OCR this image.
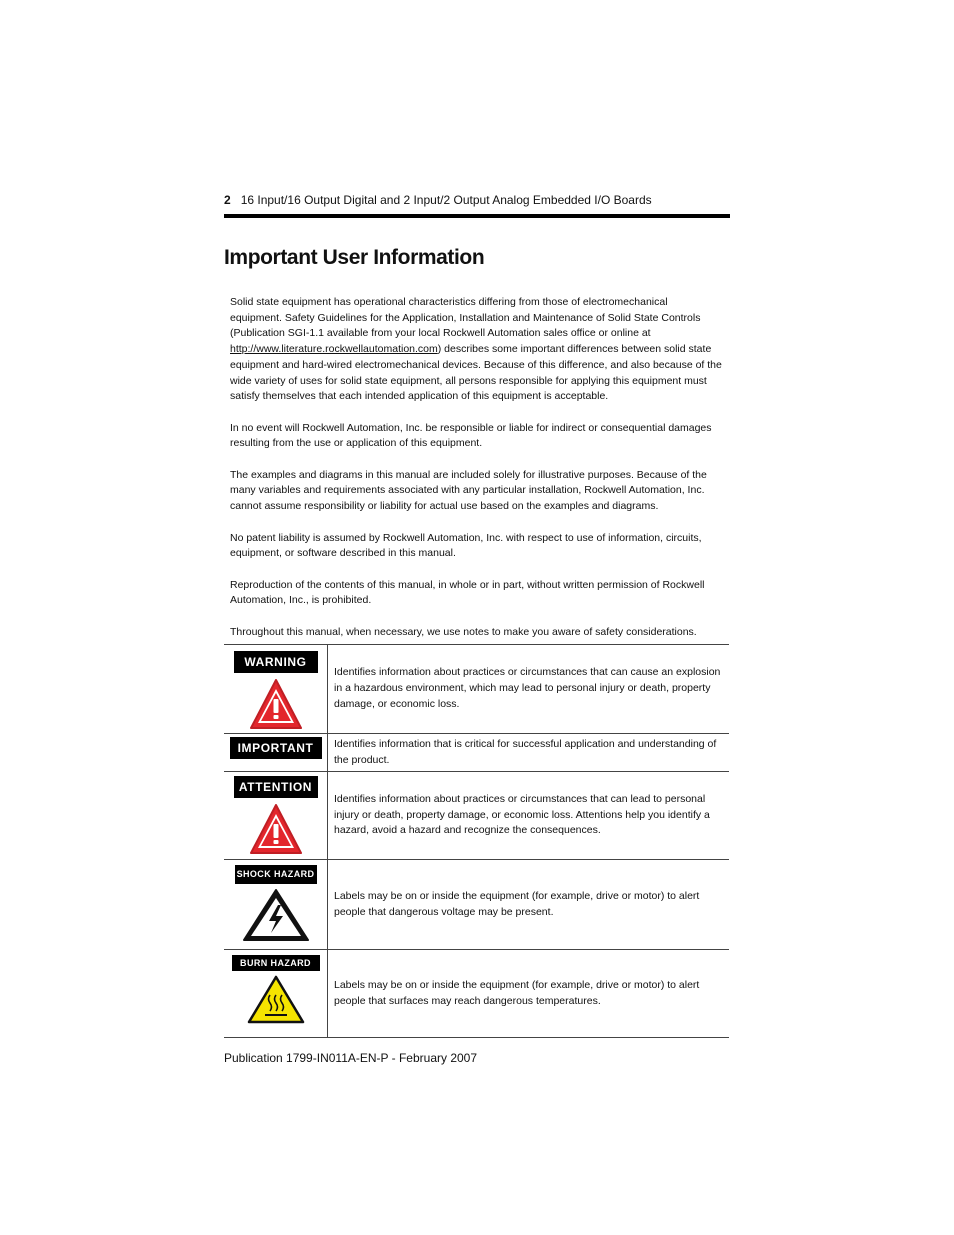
2 16 Input/16 Output Digital and 2 Input/2 Output Analog Embedded I/O Boards
Important User Information

Solid state equipment has operational characteristics differing from those of electromechanical equipment. Safety Guidelines for the Application, Installation and Maintenance of Solid State Controls (Publication SGI-1.1 available from your local Rockwell Automation sales office or online at http://www.literature.rockwellautomation.com) describes some important differences between solid state equipment and hard-wired electromechanical devices. Because of this difference, and also because of the wide variety of uses for solid state equipment, all persons responsible for applying this equipment must satisfy themselves that each intended application of this equipment is acceptable.

In no event will Rockwell Automation, Inc. be responsible or liable for indirect or consequential damages resulting from the use or application of this equipment.

The examples and diagrams in this manual are included solely for illustrative purposes. Because of the many variables and requirements associated with any particular installation, Rockwell Automation, Inc. cannot assume responsibility or liability for actual use based on the examples and diagrams.

No patent liability is assumed by Rockwell Automation, Inc. with respect to use of information, circuits, equipment, or software described in this manual.

Reproduction of the contents of this manual, in whole or in part, without written permission of Rockwell Automation, Inc., is prohibited.

Throughout this manual, when necessary, we use notes to make you aware of safety considerations.

WARNING
Identifies information about practices or circumstances that can cause an explosion in a hazardous environment, which may lead to personal injury or death, property damage, or economic loss.
IMPORTANT	Identifies information that is critical for successful application and understanding of the product.
ATTENTION
Identifies information about practices or circumstances that can lead to personal injury or death, property damage, or economic loss. Attentions help you identify a hazard, avoid a hazard and recognize the consequences.
SHOCK HAZARD
Labels may be on or inside the equipment (for example, drive or motor) to alert people that dangerous voltage may be present.
BURN HAZARD
Labels may be on or inside the equipment (for example, drive or motor) to alert people that surfaces may reach dangerous temperatures.
Publication 1799-IN011A-EN-P - February 2007
